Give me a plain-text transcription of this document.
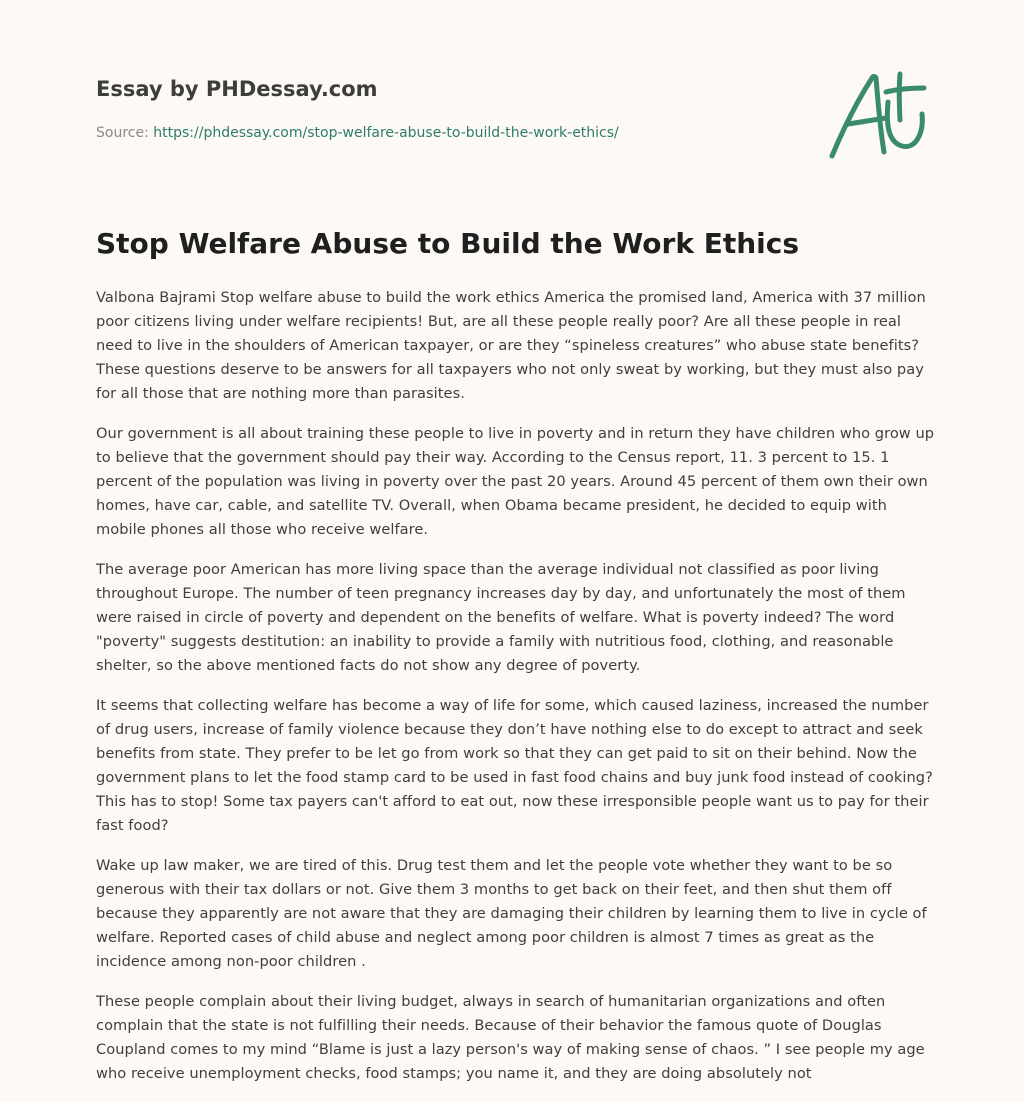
Essay by PHDessay.com
Source: https://phdessay.com/stop-welfare-abuse-to-build-the-work-ethics/
Stop Welfare Abuse to Build the Work Ethics

Valbona Bajrami Stop welfare abuse to build the work ethics America the promised land, America with 37 million poor citizens living under welfare recipients! But, are all these people really poor? Are all these people in real need to live in the shoulders of American taxpayer, or are they “spineless creatures” who abuse state benefits? These questions deserve to be answers for all taxpayers who not only sweat by working, but they must also pay for all those that are nothing more than parasites.

Our government is all about training these people to live in poverty and in return they have children who grow up to believe that the government should pay their way. According to the Census report, 11. 3 percent to 15. 1 percent of the population was living in poverty over the past 20 years. Around 45 percent of them own their own homes, have car, cable, and satellite TV. Overall, when Obama became president, he decided to equip with mobile phones all those who receive welfare.

The average poor American has more living space than the average individual not classified as poor living throughout Europe. The number of teen pregnancy increases day by day, and unfortunately the most of them were raised in circle of poverty and dependent on the benefits of welfare. What is poverty indeed? The word "poverty" suggests destitution: an inability to provide a family with nutritious food, clothing, and reasonable shelter, so the above mentioned facts do not show any degree of poverty.

It seems that collecting welfare has become a way of life for some, which caused laziness, increased the number of drug users, increase of family violence because they don’t have nothing else to do except to attract and seek benefits from state. They prefer to be let go from work so that they can get paid to sit on their behind. Now the government plans to let the food stamp card to be used in fast food chains and buy junk food instead of cooking? This has to stop! Some tax payers can't afford to eat out, now these irresponsible people want us to pay for their fast food?

Wake up law maker, we are tired of this. Drug test them and let the people vote whether they want to be so generous with their tax dollars or not. Give them 3 months to get back on their feet, and then shut them off because they apparently are not aware that they are damaging their children by learning them to live in cycle of welfare. Reported cases of child abuse and neglect among poor children is almost 7 times as great as the incidence among non-poor children .

These people complain about their living budget, always in search of humanitarian organizations and often complain that the state is not fulfilling their needs. Because of their behavior the famous quote of Douglas Coupland comes to my mind “Blame is just a lazy person's way of making sense of chaos. ” I see people my age who receive unemployment checks, food stamps; you name it, and they are doing absolutely not
